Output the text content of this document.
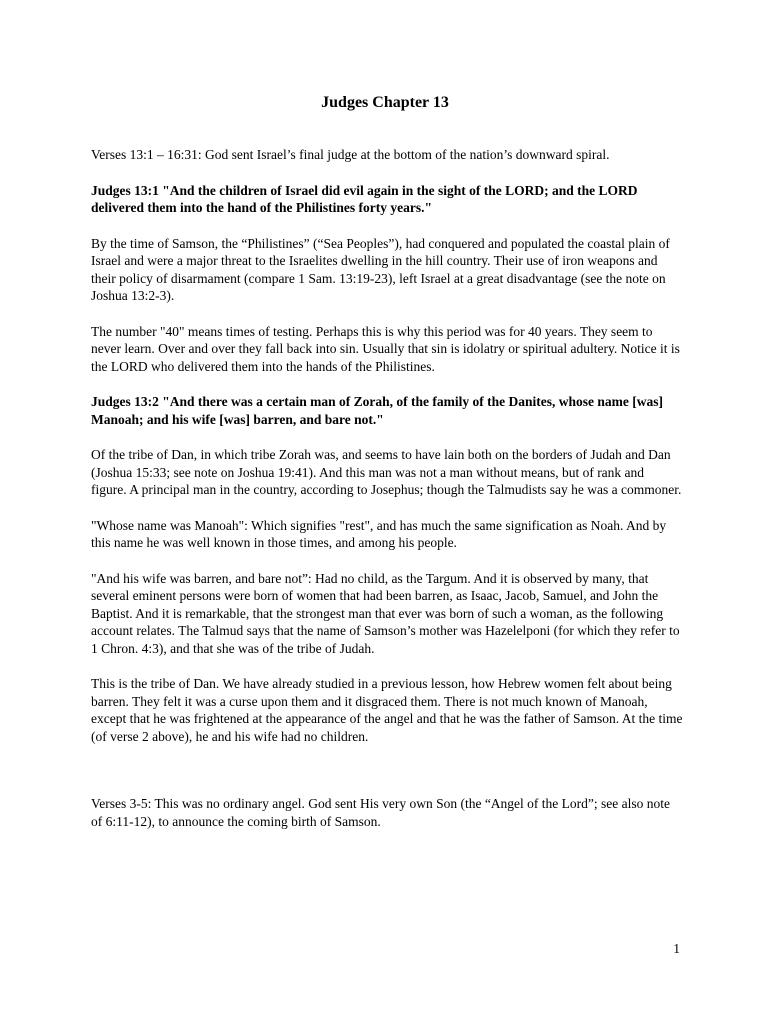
Judges Chapter 13

Verses 13:1 – 16:31: God sent Israel’s final judge at the bottom of the nation’s downward spiral.

Judges 13:1 "And the children of Israel did evil again in the sight of the LORD; and the LORD delivered them into the hand of the Philistines forty years."

By the time of Samson, the “Philistines” (“Sea Peoples”), had conquered and populated the coastal plain of Israel and were a major threat to the Israelites dwelling in the hill country. Their use of iron weapons and their policy of disarmament (compare 1 Sam. 13:19-23), left Israel at a great disadvantage (see the note on Joshua 13:2-3).

The number "40" means times of testing. Perhaps this is why this period was for 40 years. They seem to never learn. Over and over they fall back into sin. Usually that sin is idolatry or spiritual adultery. Notice it is the LORD who delivered them into the hands of the Philistines.

Judges 13:2 "And there was a certain man of Zorah, of the family of the Danites, whose name [was] Manoah; and his wife [was] barren, and bare not."

Of the tribe of Dan, in which tribe Zorah was, and seems to have lain both on the borders of Judah and Dan (Joshua 15:33; see note on Joshua 19:41). And this man was not a man without means, but of rank and figure. A principal man in the country, according to Josephus; though the Talmudists say he was a commoner.

"Whose name was Manoah": Which signifies "rest", and has much the same signification as Noah. And by this name he was well known in those times, and among his people.

"And his wife was barren, and bare not”: Had no child, as the Targum. And it is observed by many, that several eminent persons were born of women that had been barren, as Isaac, Jacob, Samuel, and John the Baptist. And it is remarkable, that the strongest man that ever was born of such a woman, as the following account relates. The Talmud says that the name of Samson’s mother was Hazelelponi (for which they refer to 1 Chron. 4:3), and that she was of the tribe of Judah.

This is the tribe of Dan. We have already studied in a previous lesson, how Hebrew women felt about being barren. They felt it was a curse upon them and it disgraced them. There is not much known of Manoah, except that he was frightened at the appearance of the angel and that he was the father of Samson. At the time (of verse 2 above), he and his wife had no children.

Verses 3-5: This was no ordinary angel. God sent His very own Son (the “Angel of the Lord”; see also note of 6:11-12), to announce the coming birth of Samson.

1
